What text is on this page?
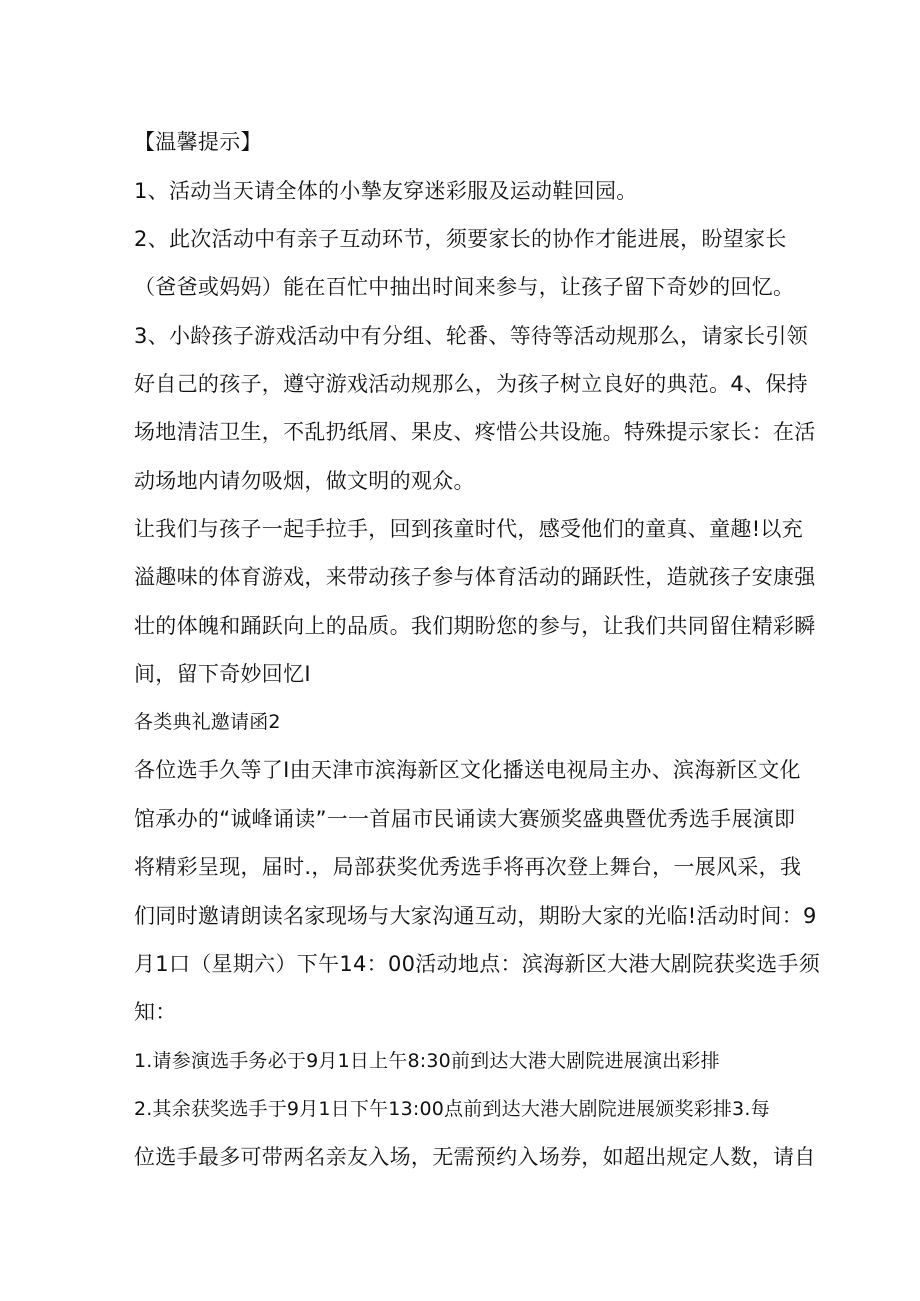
【温馨提示】
1、活动当天请全体的小摯友穿迷彩服及运动鞋回园。
2、此次活动中有亲子互动环节，须要家长的协作才能进展，盼望家长
（爸爸或妈妈）能在百忙中抽出时间来参与，让孩子留下奇妙的回忆。
3、小龄孩子游戏活动中有分组、轮番、等待等活动规那么，请家长引领
好自己的孩子，遵守游戏活动规那么，为孩子树立良好的典范。4、保持
场地清洁卫生，不乱扔纸屑、果皮、疼惜公共设施。特殊提示家长：在活
动场地内请勿吸烟，做文明的观众。
让我们与孩子一起手拉手，回到孩童时代，感受他们的童真、童趣!以充
溢趣味的体育游戏，来带动孩子参与体育活动的踊跃性，造就孩子安康强
壮的体魄和踊跃向上的品质。我们期盼您的参与，让我们共同留住精彩瞬
间，留下奇妙回忆I
各类典礼邀请函2
各位选手久等了I由天津市滨海新区文化播送电视局主办、滨海新区文化
馆承办的“诚峰诵读”一一首届市民诵读大赛颁奖盛典暨优秀选手展演即
将精彩呈现，届时.，局部获奖优秀选手将再次登上舞台，一展风采，我
们同时邀请朗读名家现场与大家沟通互动，期盼大家的光临!活动时间：9
月1口（星期六）下午14：00活动地点：滨海新区大港大剧院获奖选手须
知：
1.请参演选手务必于9月1日上午8:30前到达大港大剧院进展演出彩排
2.其余获奖选手于9月1日下午13:00点前到达大港大剧院进展颁奖彩排3.每
位选手最多可带两名亲友入场，无需预约入场券，如超出规定人数，请自
